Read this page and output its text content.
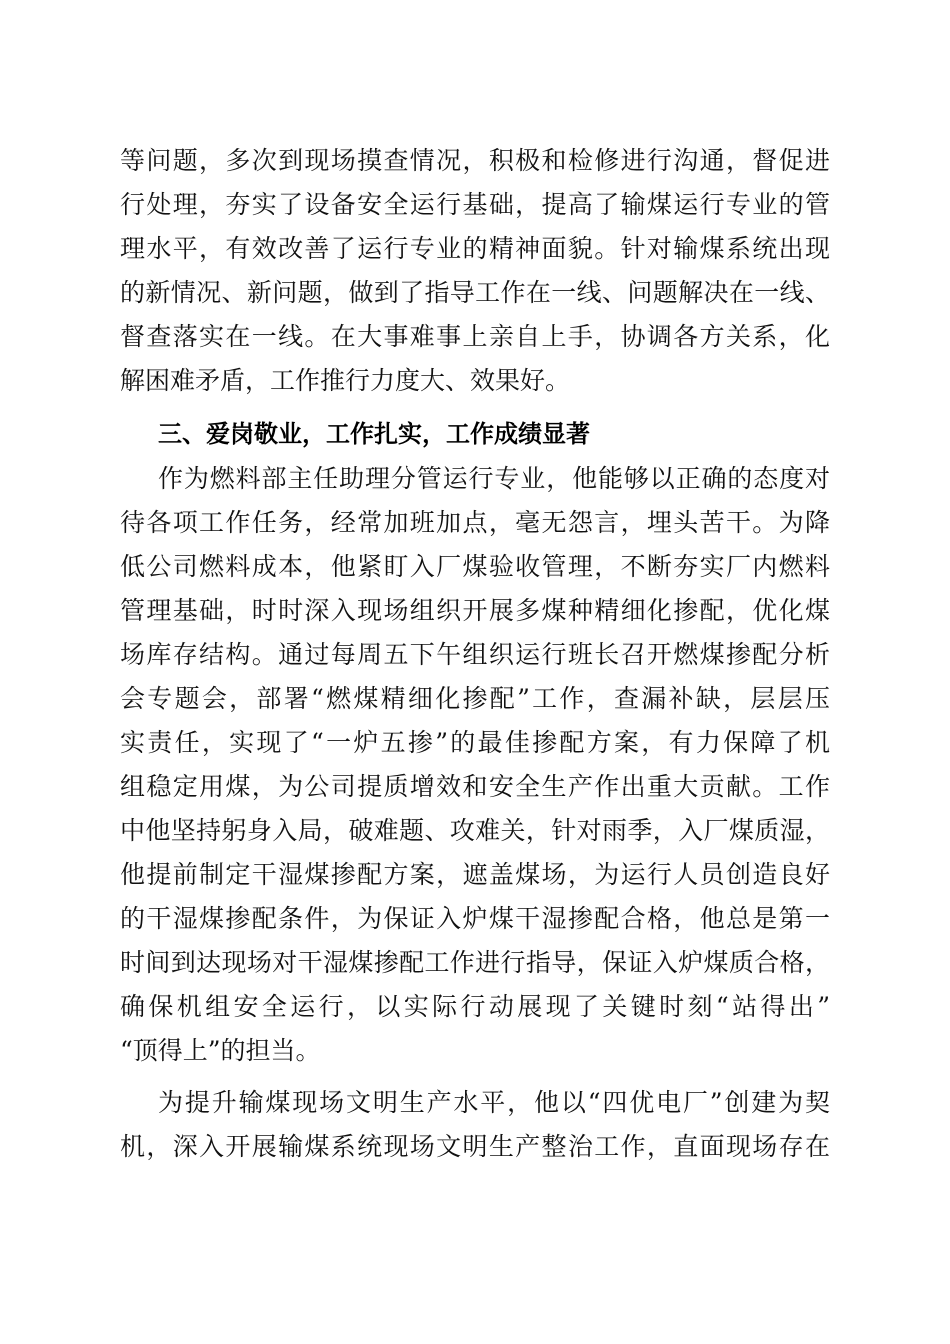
等问题，多次到现场摸查情况，积极和检修进行沟通，督促进
行处理，夯实了设备安全运行基础，提高了输煤运行专业的管
理水平，有效改善了运行专业的精神面貌。针对输煤系统出现
的新情况、新问题，做到了指导工作在一线、问题解决在一线、
督查落实在一线。在大事难事上亲自上手，协调各方关系，化
解困难矛盾，工作推行力度大、效果好。
三、爱岗敬业，工作扎实，工作成绩显著
作为燃料部主任助理分管运行专业，他能够以正确的态度对
待各项工作任务，经常加班加点，毫无怨言，埋头苦干。为降
低公司燃料成本，他紧盯入厂煤验收管理，不断夯实厂内燃料
管理基础，时时深入现场组织开展多煤种精细化掺配，优化煤
场库存结构。通过每周五下午组织运行班长召开燃煤掺配分析
会专题会，部署“燃煤精细化掺配”工作，查漏补缺，层层压
实责任，实现了“一炉五掺”的最佳掺配方案，有力保障了机
组稳定用煤，为公司提质增效和安全生产作出重大贡献。工作
中他坚持躬身入局，破难题、攻难关，针对雨季，入厂煤质湿，
他提前制定干湿煤掺配方案，遮盖煤场，为运行人员创造良好
的干湿煤掺配条件，为保证入炉煤干湿掺配合格，他总是第一
时间到达现场对干湿煤掺配工作进行指导，保证入炉煤质合格，
确保机组安全运行，以实际行动展现了关键时刻“站得出”
“顶得上”的担当。
为提升输煤现场文明生产水平，他以“四优电厂”创建为契
机，深入开展输煤系统现场文明生产整治工作，直面现场存在
